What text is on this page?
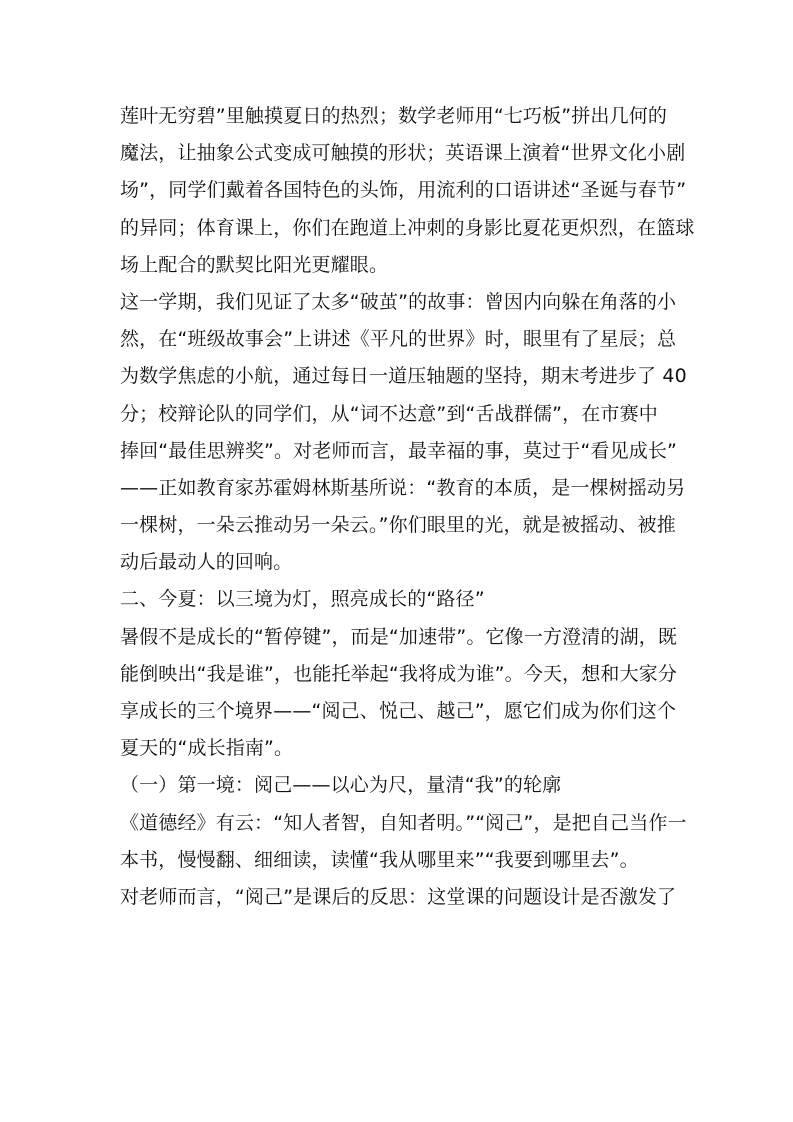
莲叶无穷碧”里触摸夏日的热烈；数学老师用“七巧板”拼出几何的
魔法，让抽象公式变成可触摸的形状；英语课上演着“世界文化小剧
场”，同学们戴着各国特色的头饰，用流利的口语讲述“圣诞与春节”
的异同；体育课上，你们在跑道上冲刺的身影比夏花更炽烈，在篮球
场上配合的默契比阳光更耀眼。
这一学期，我们见证了太多“破茧”的故事：曾因内向躲在角落的小
然，在“班级故事会”上讲述《平凡的世界》时，眼里有了星辰；总
为数学焦虑的小航，通过每日一道压轴题的坚持，期末考进步了 40
分；校辩论队的同学们，从“词不达意”到“舌战群儒”，在市赛中
捧回“最佳思辨奖”。对老师而言，最幸福的事，莫过于“看见成长”
——正如教育家苏霍姆林斯基所说：“教育的本质，是一棵树摇动另
一棵树，一朵云推动另一朵云。”你们眼里的光，就是被摇动、被推
动后最动人的回响。
二、今夏：以三境为灯，照亮成长的“路径”
暑假不是成长的“暂停键”，而是“加速带”。它像一方澄清的湖，既
能倒映出“我是谁”，也能托举起“我将成为谁”。今天，想和大家分
享成长的三个境界——“阅己、悦己、越己”，愿它们成为你们这个
夏天的“成长指南”。
（一）第一境：阅己——以心为尺，量清“我”的轮廓
《道德经》有云：“知人者智，自知者明。”“阅己”，是把自己当作一
本书，慢慢翻、细细读，读懂“我从哪里来”“我要到哪里去”。
对老师而言，“阅己”是课后的反思：这堂课的问题设计是否激发了
